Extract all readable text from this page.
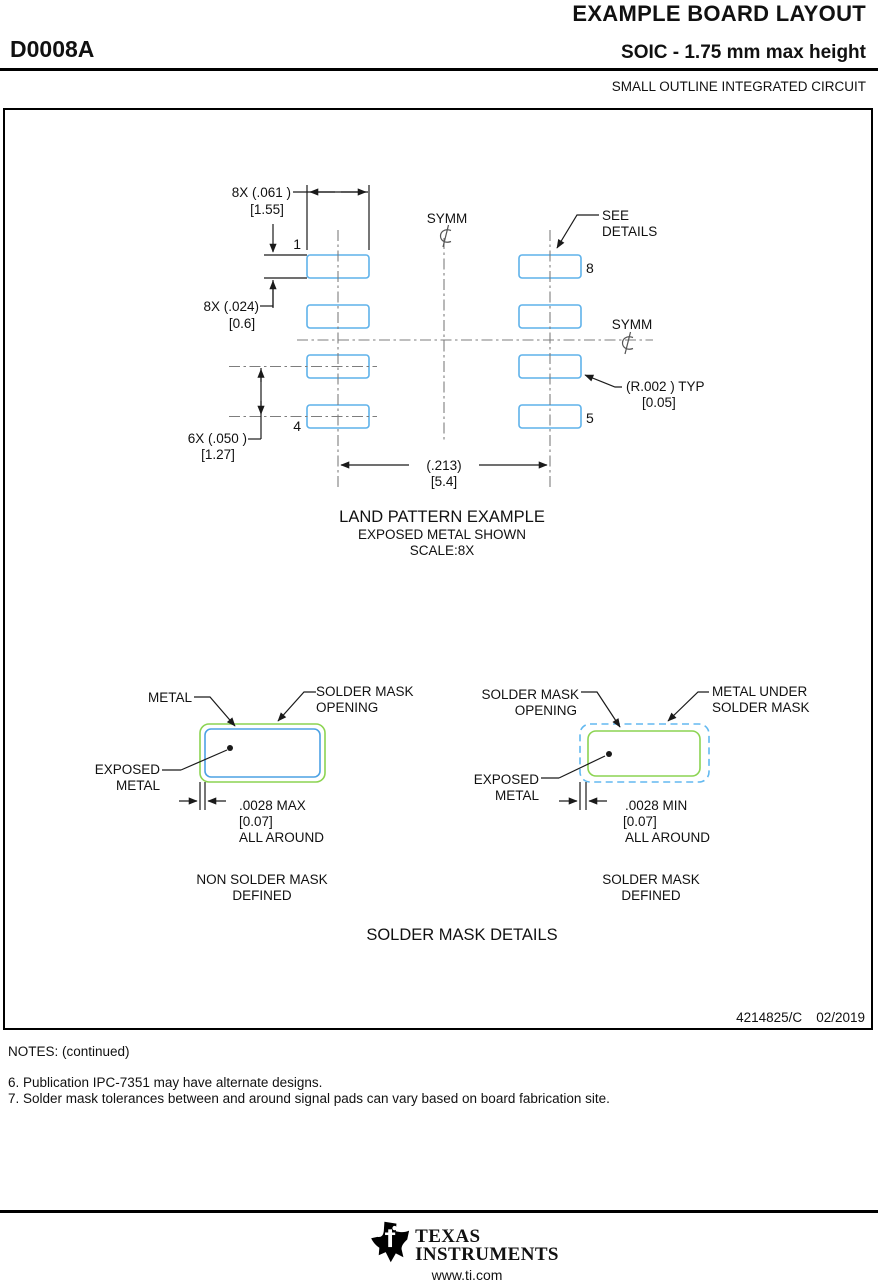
EXAMPLE BOARD LAYOUT
D0008A	SOIC - 1.75 mm max height
SMALL OUTLINE INTEGRATED CIRCUIT
8X (.061 )
[1.55]
8X (.024)
[0.6]
6X (.050 )
[1.27]
(.213)
[5.4]
SYMM
SYMM
SEE
DETAILS
(R.002 ) TYP
[0.05]
1
4
8
5
LAND PATTERN EXAMPLE
EXPOSED METAL SHOWN
SCALE:8X
METAL	SOLDER MASK
OPENING
EXPOSED
METAL
.0028 MAX
[0.07]
ALL AROUND
NON SOLDER MASK
DEFINED
SOLDER MASK
OPENING
METAL UNDER
SOLDER MASK
EXPOSED
METAL
.0028 MIN
[0.07]
ALL AROUND
SOLDER MASK
DEFINED
SOLDER MASK DETAILS
4214825/C 02/2019
NOTES: (continued)
6. Publication IPC-7351 may have alternate designs.
7. Solder mask tolerances between and around signal pads can vary based on board fabrication site.
TEXAS
INSTRUMENTS
www.ti.com
